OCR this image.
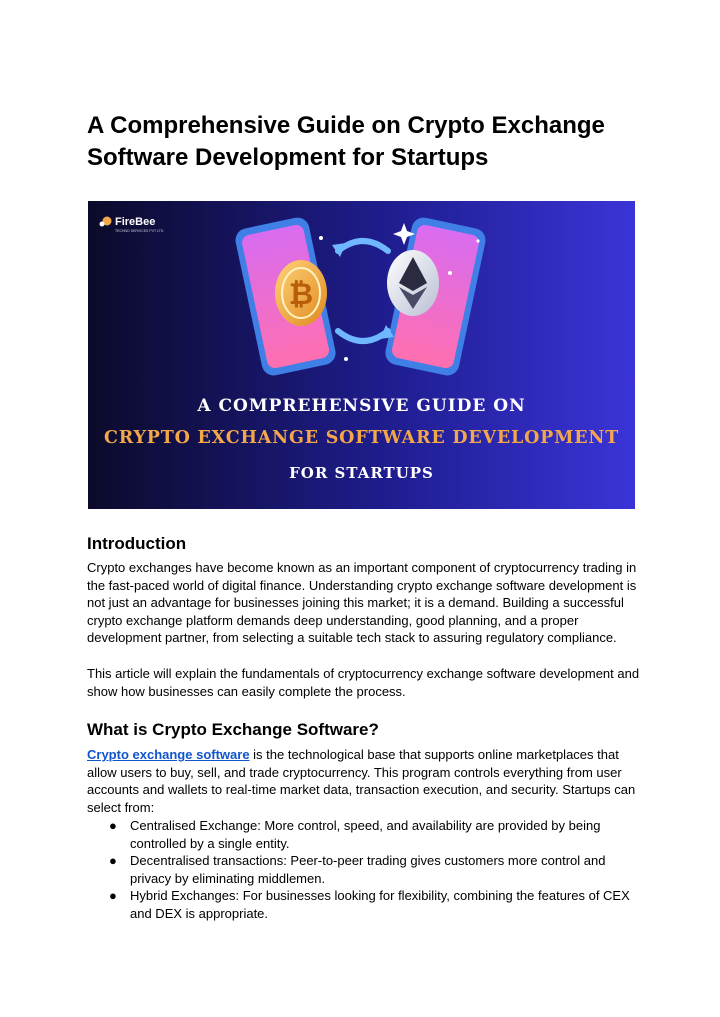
A Comprehensive Guide on Crypto Exchange Software Development for Startups
FireBee
TECHNO SERVICES PVT LTD
₿
A COMPREHENSIVE GUIDE ON
CRYPTO EXCHANGE SOFTWARE DEVELOPMENT
FOR STARTUPS
Introduction

Crypto exchanges have become known as an important component of cryptocurrency trading in the fast-paced world of digital finance. Understanding crypto exchange software development is not just an advantage for businesses joining this market; it is a demand. Building a successful crypto exchange platform demands deep understanding, good planning, and a proper development partner, from selecting a suitable tech stack to assuring regulatory compliance.

This article will explain the fundamentals of cryptocurrency exchange software development and show how businesses can easily complete the process.

What is Crypto Exchange Software?

Crypto exchange software is the technological base that supports online marketplaces that allow users to buy, sell, and trade cryptocurrency. This program controls everything from user accounts and wallets to real-time market data, transaction execution, and security. Startups can select from:

● Centralised Exchange: More control, speed, and availability are provided by being controlled by a single entity.
● Decentralised transactions: Peer-to-peer trading gives customers more control and privacy by eliminating middlemen.
● Hybrid Exchanges: For businesses looking for flexibility, combining the features of CEX and DEX is appropriate.
